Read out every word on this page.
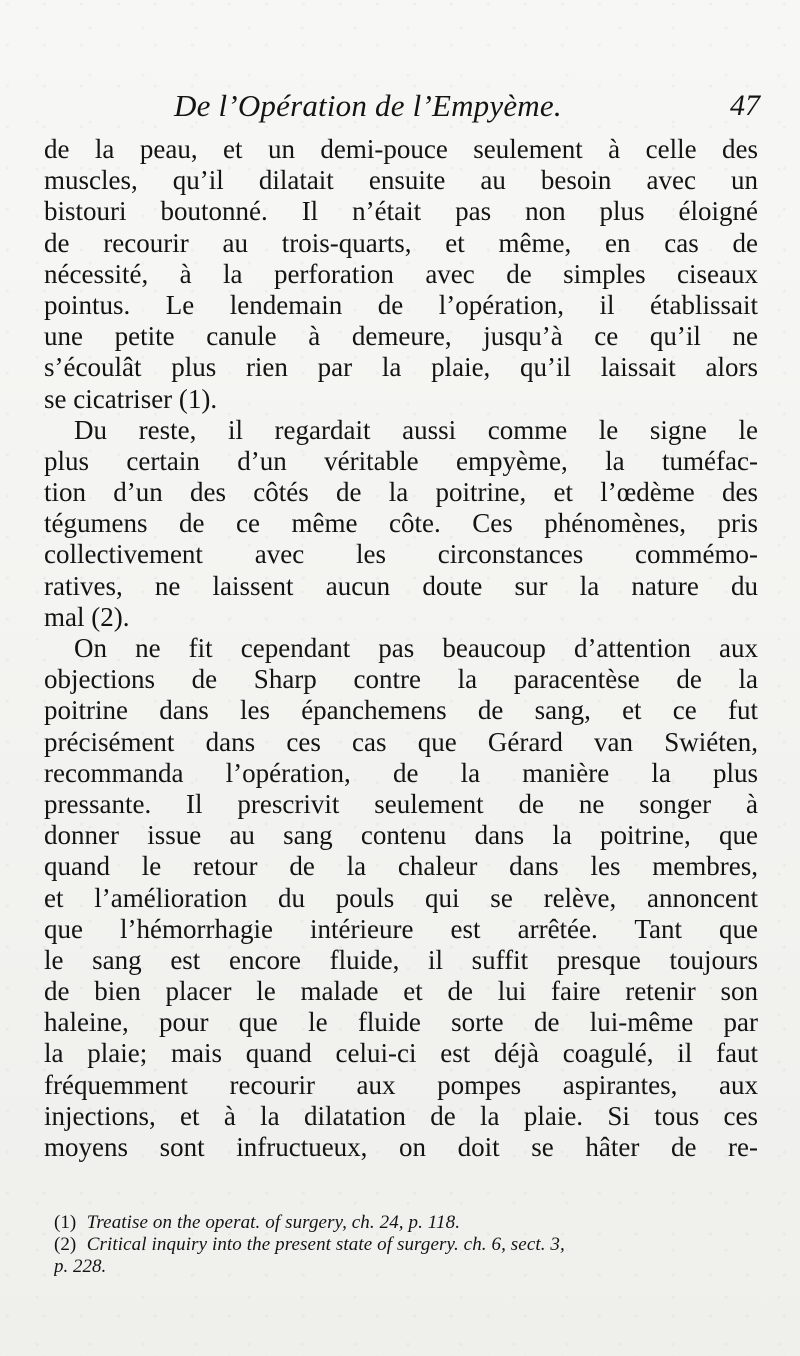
De l’Opération de l’Empyème.	47
de la peau, et un demi-pouce seulement à celle des
muscles, qu’il dilatait ensuite au besoin avec un
bistouri boutonné. Il n’était pas non plus éloigné
de recourir au trois-quarts, et même, en cas de
nécessité, à la perforation avec de simples ciseaux
pointus. Le lendemain de l’opération, il établissait
une petite canule à demeure, jusqu’à ce qu’il ne
s’écoulât plus rien par la plaie, qu’il laissait alors
se cicatriser (1).
Du reste, il regardait aussi comme le signe le
plus certain d’un véritable empyème, la tuméfac-
tion d’un des côtés de la poitrine, et l’œdème des
tégumens de ce même côte. Ces phénomènes, pris
collectivement avec les circonstances commémo-
ratives, ne laissent aucun doute sur la nature du
mal (2).
On ne fit cependant pas beaucoup d’attention aux
objections de Sharp contre la paracentèse de la
poitrine dans les épanchemens de sang, et ce fut
précisément dans ces cas que Gérard van Swiéten,
recommanda l’opération, de la manière la plus
pressante. Il prescrivit seulement de ne songer à
donner issue au sang contenu dans la poitrine, que
quand le retour de la chaleur dans les membres,
et l’amélioration du pouls qui se relève, annoncent
que l’hémorrhagie intérieure est arrêtée. Tant que
le sang est encore fluide, il suffit presque toujours
de bien placer le malade et de lui faire retenir son
haleine, pour que le fluide sorte de lui-même par
la plaie; mais quand celui-ci est déjà coagulé, il faut
fréquemment recourir aux pompes aspirantes, aux
injections, et à la dilatation de la plaie. Si tous ces
moyens sont infructueux, on doit se hâter de re-
(1) Treatise on the operat. of surgery, ch. 24, p. 118.
(2) Critical inquiry into the present state of surgery. ch. 6, sect. 3,
p. 228.
